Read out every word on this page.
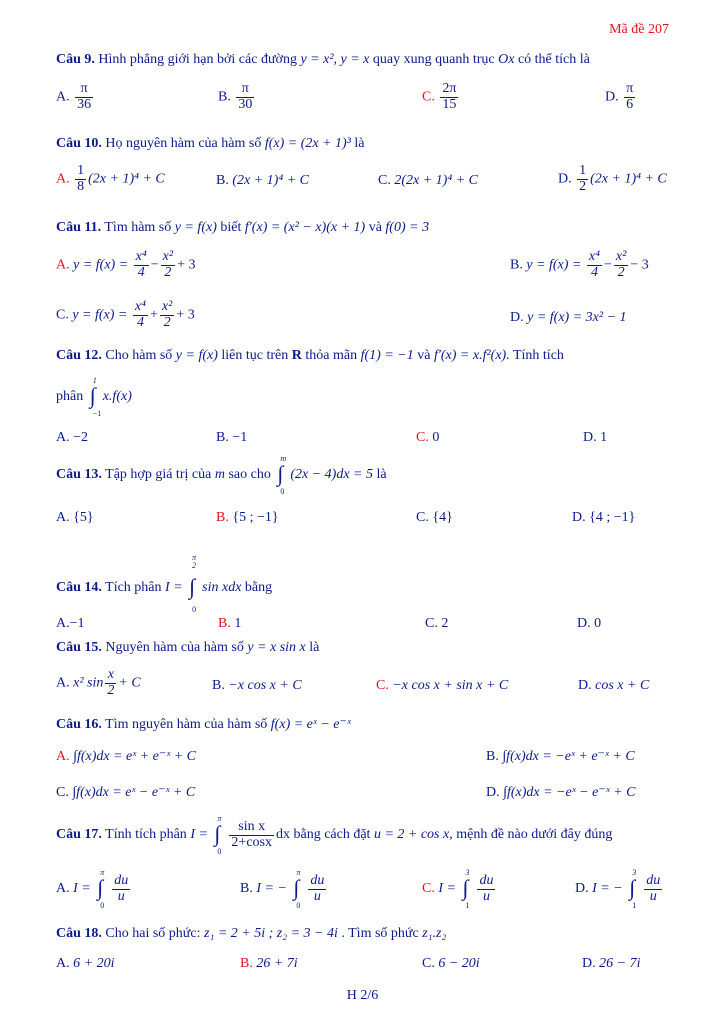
Mã đề 207
Câu 9. Hình phẳng giới hạn bởi các đường y = x², y = x quay xung quanh trục Ox có thể tích là
A. $\frac{\pi}{36}$	B. $\frac{\pi}{30}$	C. $\frac{2\pi}{15}$	D. $\frac{\pi}{6}$
Câu 10. Họ nguyên hàm của hàm số f(x) = (2x + 1)³ là
A. $\frac{1}{8} (2x + 1)^4 + C$	B. (2x + 1)⁴ + C	C. 2(2x + 1)⁴ + C	D. $\frac{1}{2} (2x + 1)^4 + C$
Câu 11. Tìm hàm số y = f(x) biết f′(x) = (x² − x)(x + 1) và f(0) = 3
A. $y = f(x) = \frac{\text{x⁴}}{4} - \frac{\text{x²}}{2} + 3$	B. $y = f(x) = \frac{\text{x⁴}}{4} - \frac{\text{x²}}{2} - 3$
C. $y = f(x) = \frac{\text{x⁴}}{4} + \frac{\text{x²}}{2} + 3$	D. y = f(x) = 3x² − 1
Câu 12. Cho hàm số y = f(x) liên tục trên R thỏa mãn f(1) = −1 và f′(x) = x.f²(x). Tính tích
phân
1
∫
−1
x.f(x)
A. −2	B. −1	C. 0	D. 1
Câu 13. Tập hợp giá trị của m sao cho
m
∫
0
(2x − 4)dx = 5 là
A. {5}	B. {5 ; −1}	C. {4}	D. {4 ; −1}
Câu 14. Tích phân I =
π
2
∫
0
sin xdx bằng
A.−1	B. 1	C. 2	D. 0
Câu 15. Nguyên hàm của hàm số y = x sin x là
A. x² $\sin \frac{x}{2} + C$	B. −x cos x + C	C. −x cos x + sin x + C	D. cos x + C
Câu 16. Tìm nguyên hàm của hàm số f(x) = eˣ − e⁻ˣ
A. ∫f(x)dx = eˣ + e⁻ˣ + C	B. ∫f(x)dx = −eˣ + e⁻ˣ + C
C. ∫f(x)dx = eˣ − e⁻ˣ + C	D. ∫f(x)dx = −eˣ − e⁻ˣ + C
Câu 17. Tính tích phân I =
π
∫
0
$\frac{\text{sin x}}{2+\cos x}$ dx bằng cách đặt u = 2 + cos x, mệnh đề nào dưới đây đúng
A. I =
π
∫
0
$\frac{du}{u}$	B. I = −
π
∫
0
$\frac{du}{u}$	C. I =
3
∫
1
$\frac{du}{u}$	D. I = −
3
∫
1
$\frac{du}{u}$
Câu 18. Cho hai số phức: z₁ = 2 + 5i ; z₂ = 3 − 4i . Tìm số phức z₁.z₂
A. 6 + 20i	B. 26 + 7i	C. 6 − 20i	D. 26 − 7i
H 2/6
